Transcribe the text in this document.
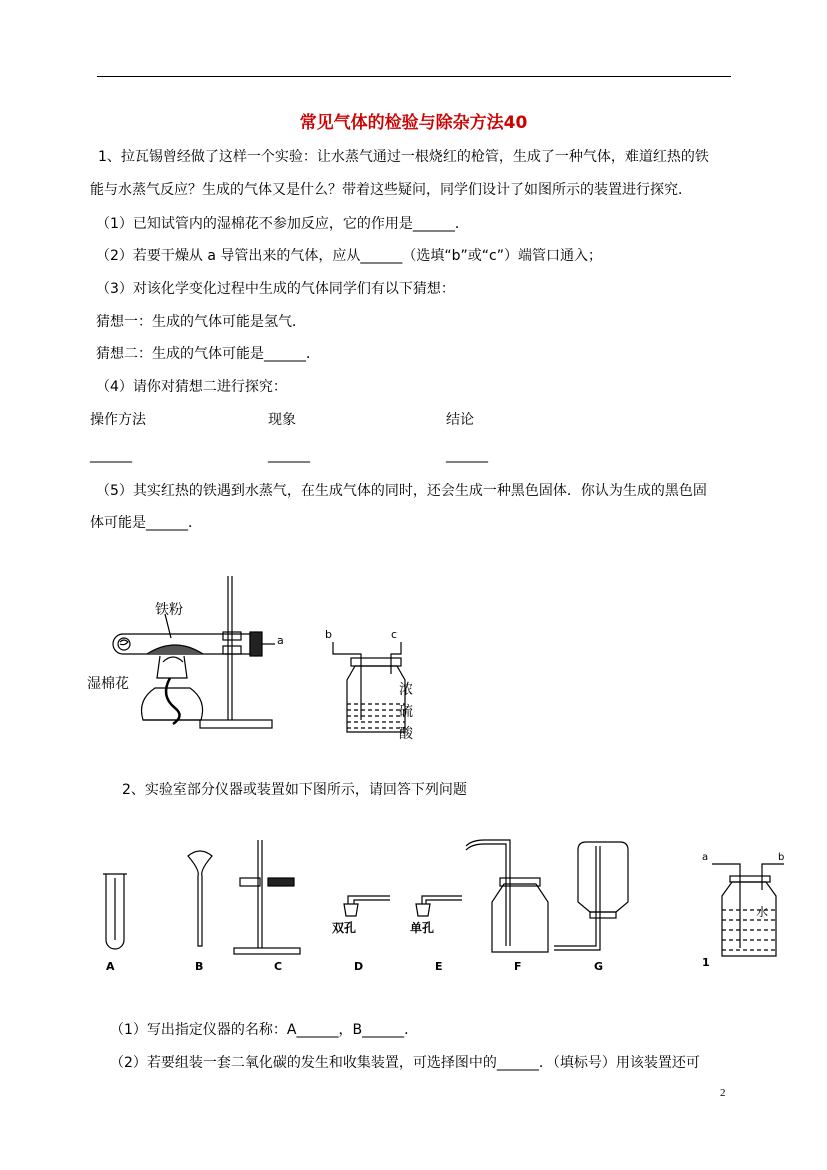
常见气体的检验与除杂方法40
1、拉瓦锡曾经做了这样一个实验：让水蒸气通过一根烧红的枪管，生成了一种气体，难道红热的铁
能与水蒸气反应？生成的气体又是什么？带着这些疑问，同学们设计了如图所示的装置进行探究．
（1）已知试管内的湿棉花不参加反应，它的作用是______．
（2）若要干燥从 a 导管出来的气体，应从______（选填“b”或“c”）端管口通入；
（3）对该化学变化过程中生成的气体同学们有以下猜想：
猜想一：生成的气体可能是氢气．
猜想二：生成的气体可能是______．
（4）请你对猜想二进行探究：
操作方法	现象	结论
______	______	______
（5）其实红热的铁遇到水蒸气，在生成气体的同时，还会生成一种黑色固体．你认为生成的黑色固
体可能是______．
铁粉
湿棉花
a	b	c
浓
硫
酸
2、实验室部分仪器或装置如下图所示，请回答下列问题
A	B	C	D	E	F	G
双孔	单孔
a	b
水
1
（1）写出指定仪器的名称：A______，B______．
（2）若要组装一套二氧化碳的发生和收集装置，可选择图中的______．（填标号）用该装置还可
2
